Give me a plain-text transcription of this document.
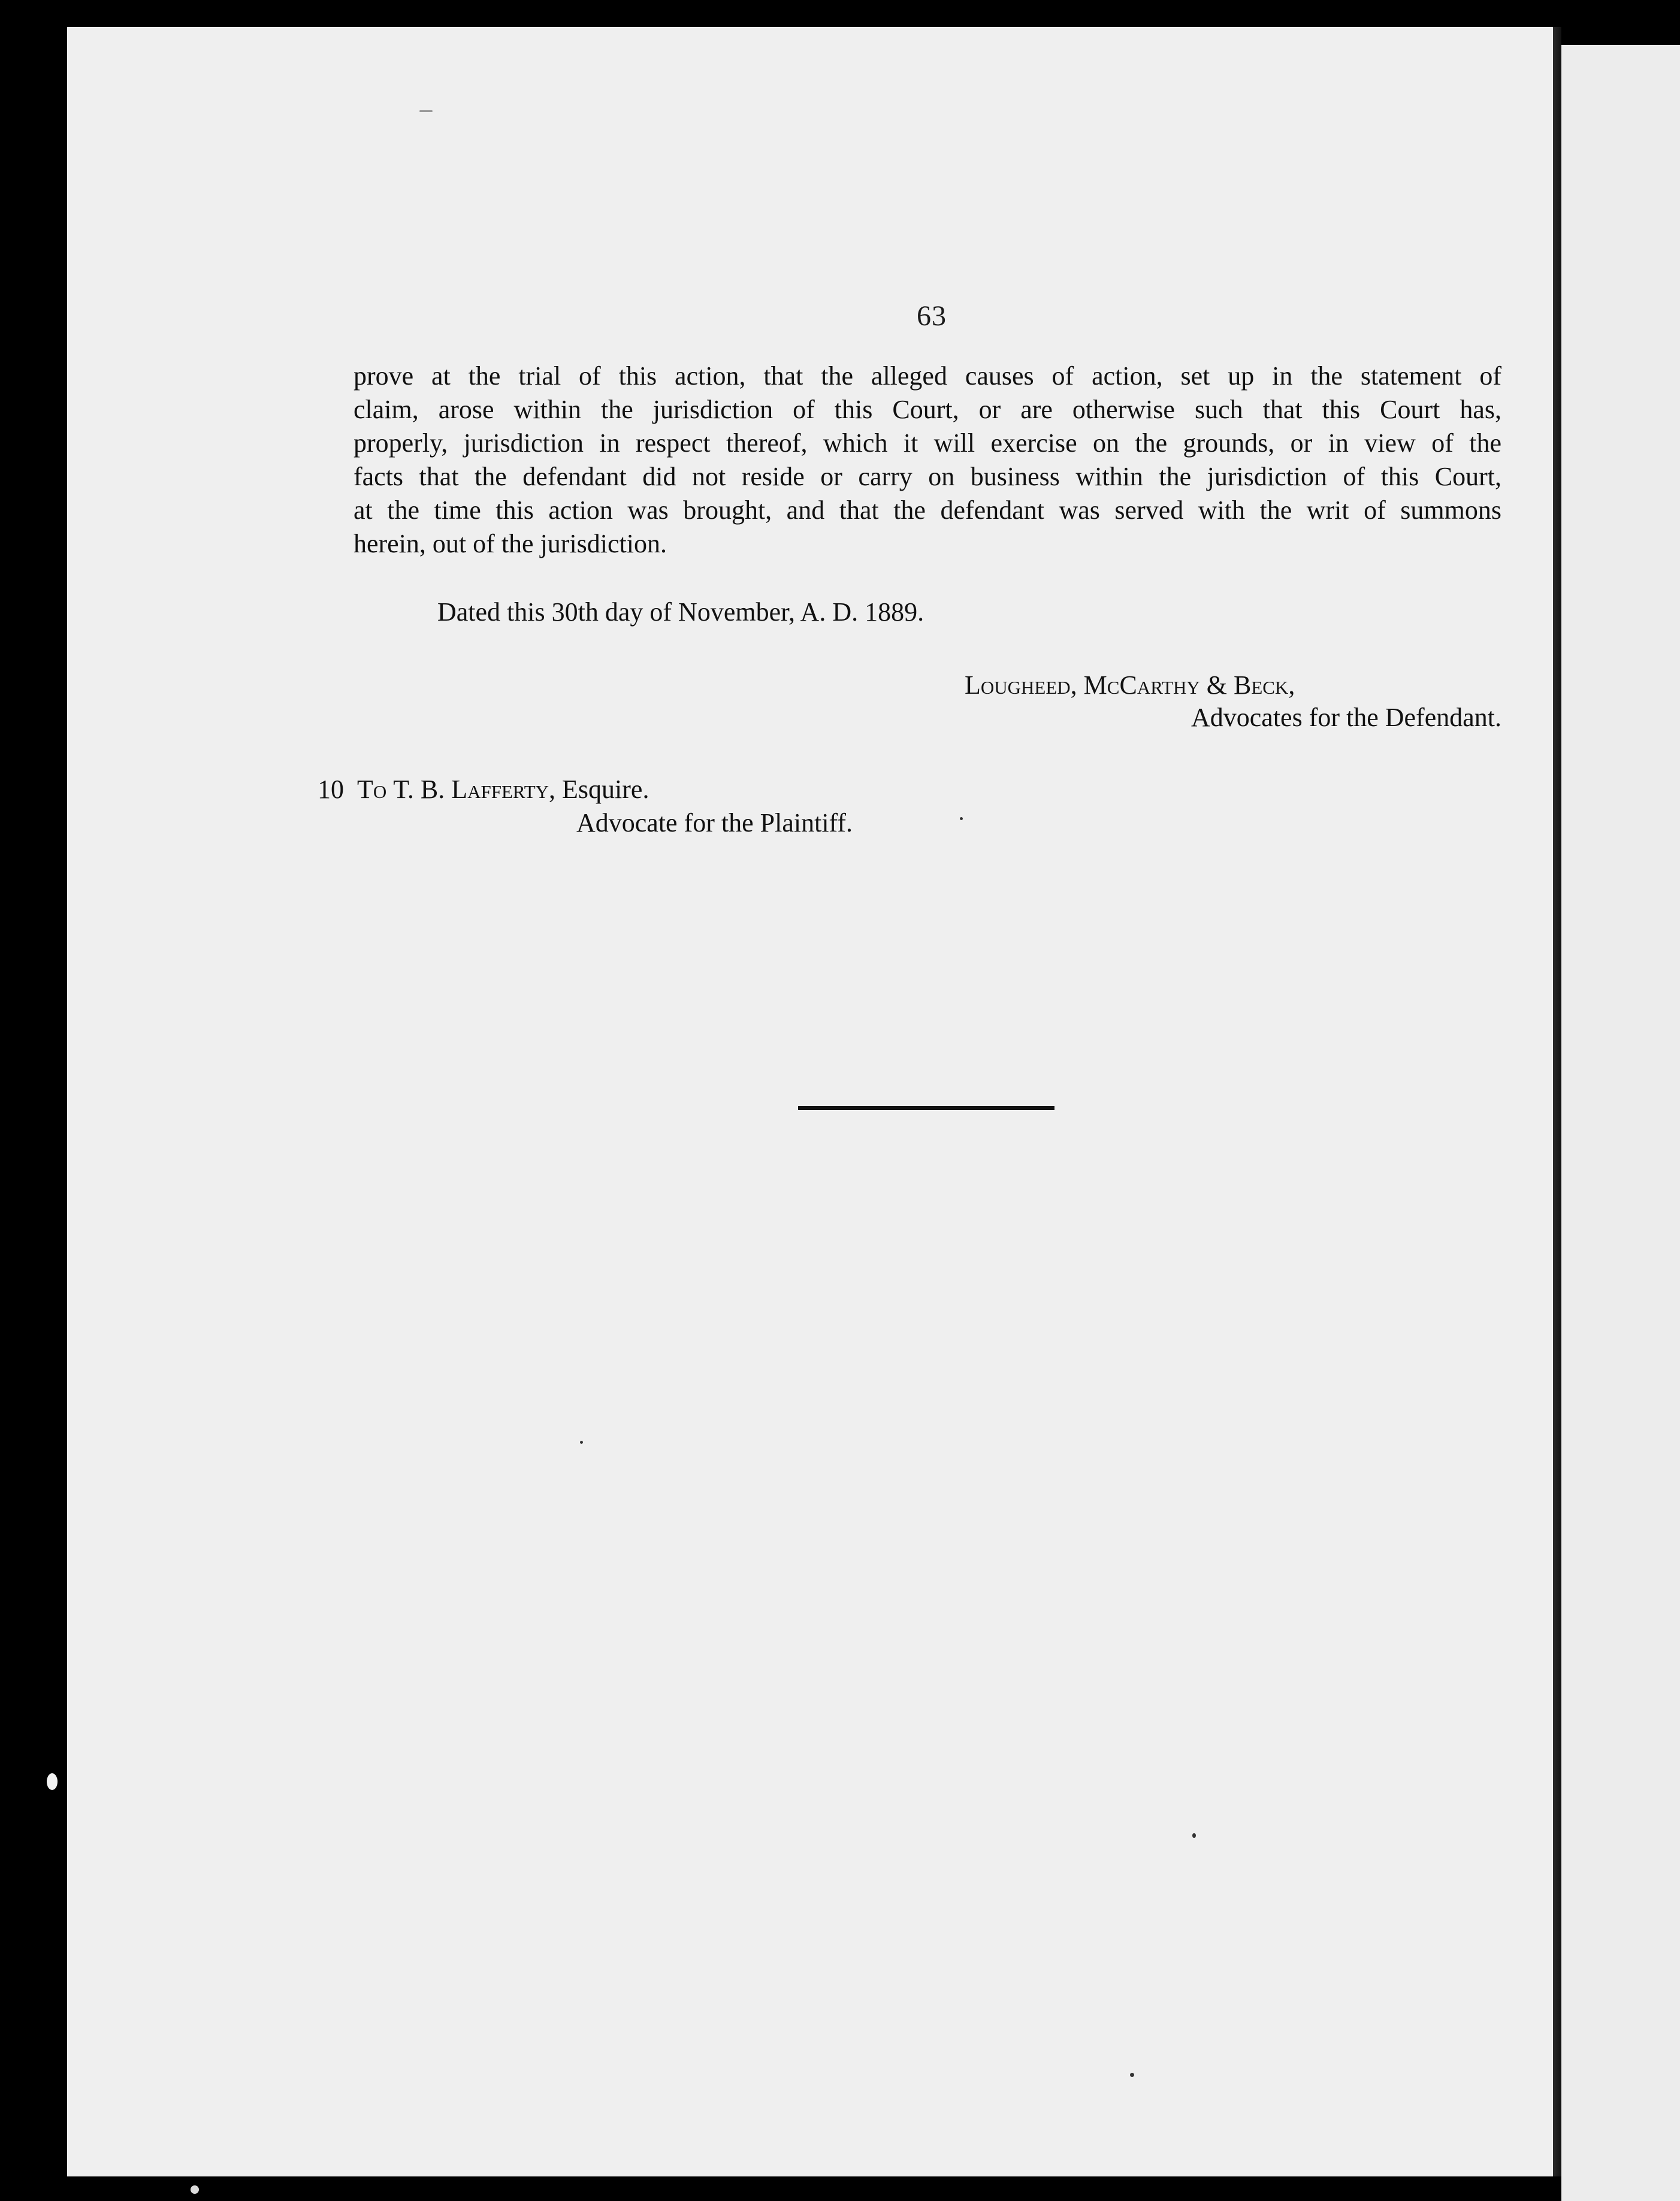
63
prove at the trial of this action, that the alleged causes of action, set up in the statement of
claim, arose within the jurisdiction of this Court, or are otherwise such that this Court has,
properly, jurisdiction in respect thereof, which it will exercise on the grounds, or in view of the
facts that the defendant did not reside or carry on business within the jurisdiction of this Court,
at the time this action was brought, and that the defendant was served with the writ of summons
herein, out of the jurisdiction.
Dated this 30th day of November, A. D. 1889.
Lougheed, McCarthy & Beck,
Advocates for the Defendant.
10 To T. B. Lafferty, Esquire.
Advocate for the Plaintiff.
